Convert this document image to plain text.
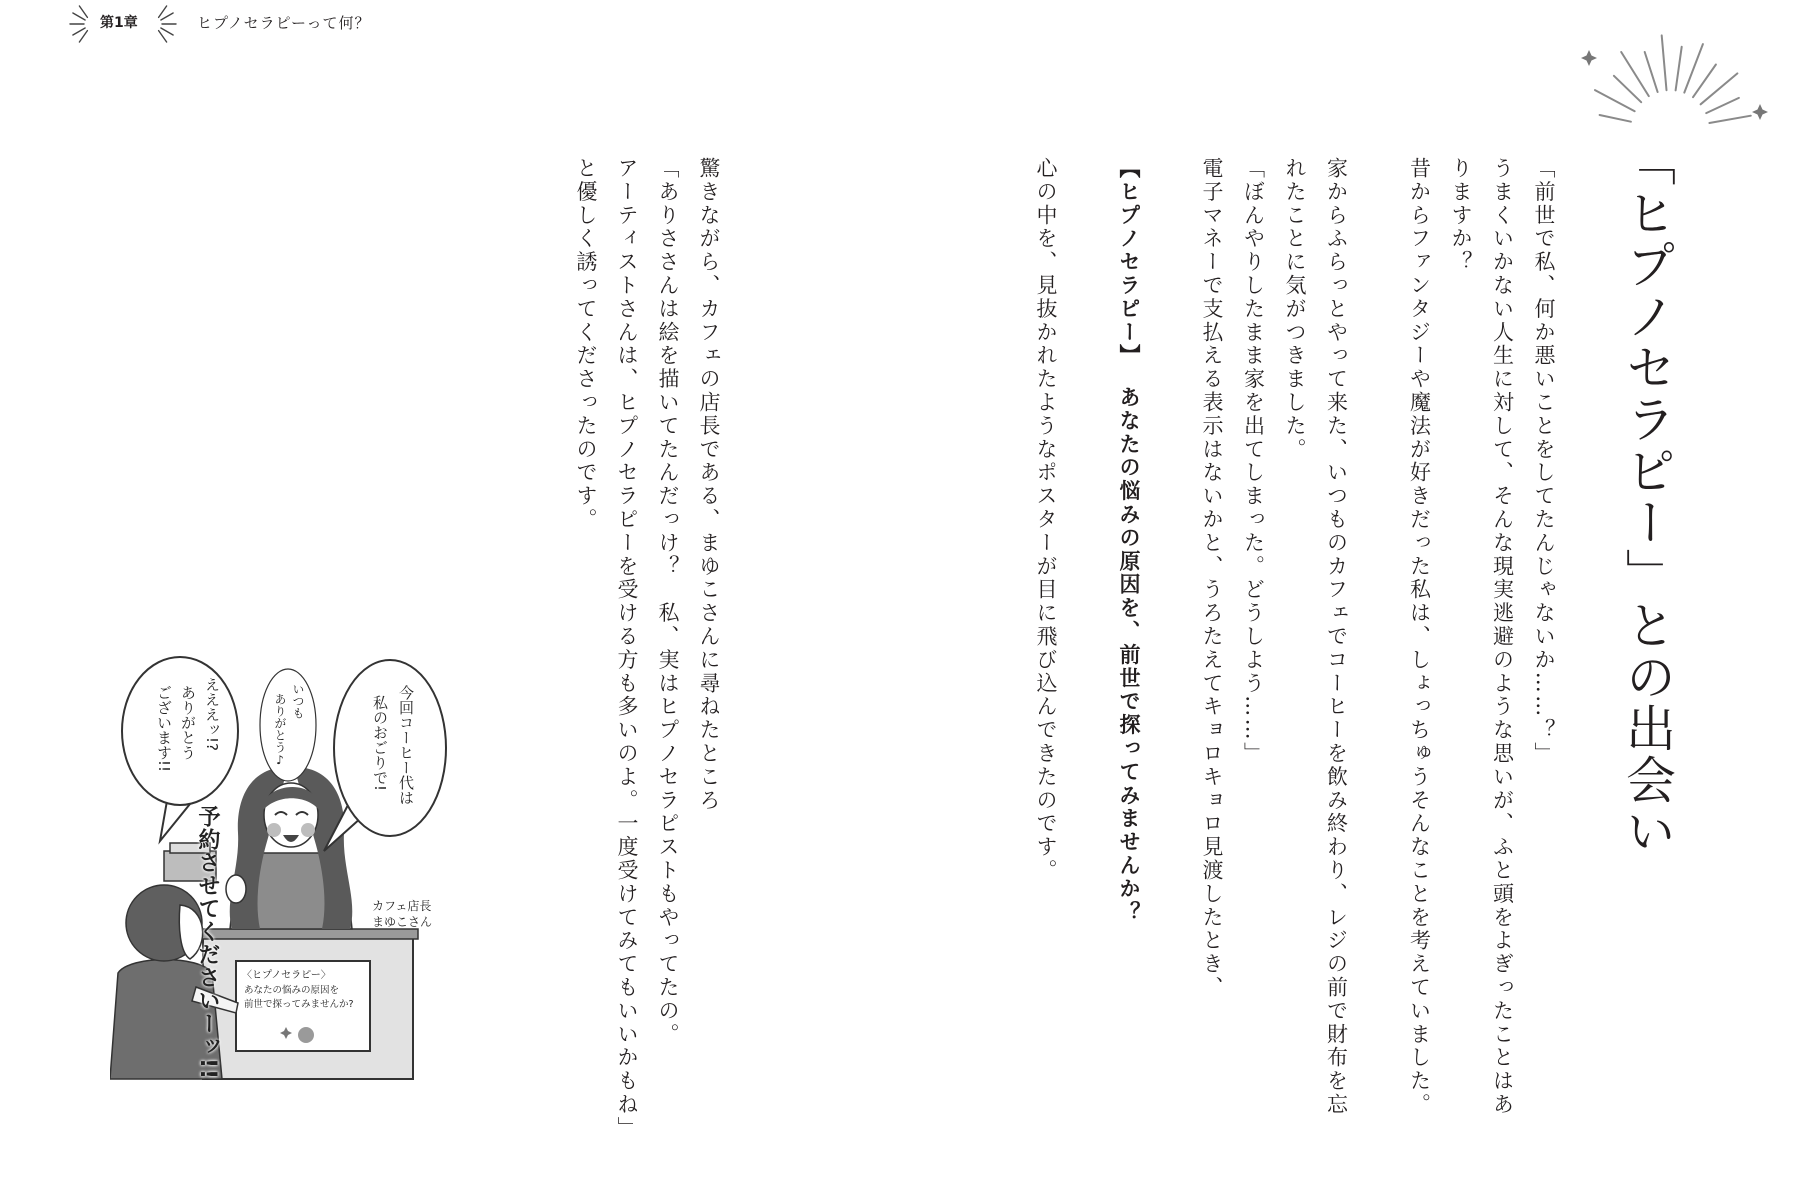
第1章	ヒプノセラピーって何？
「ヒプノセラピー」との出会い
「前世で私、何か悪いことをしてたんじゃないか……？」
うまくいかない人生に対して、そんな現実逃避のような思いが、ふと頭をよぎったことはあ
りますか？
昔からファンタジーや魔法が好きだった私は、しょっちゅうそんなことを考えていました。
家からふらっとやって来た、いつものカフェでコーヒーを飲み終わり、レジの前で財布を忘
れたことに気がつきました。
「ぼんやりしたまま家を出てしまった。どうしよう……」
電子マネーで支払える表示はないかと、うろたえてキョロキョロ見渡したとき、
【ヒプノセラピー】あなたの悩みの原因を、前世で探ってみませんか？
心の中を、見抜かれたようなポスターが目に飛び込んできたのです。
驚きながら、カフェの店長である、まゆこさんに尋ねたところ
「ありささんは絵を描いてたんだっけ？　私、実はヒプノセラピストもやってたの。
アーティストさんは、ヒプノセラピーを受ける方も多いのよ。一度受けてみてもいいかもね」
と優しく誘ってくださったのです。
今回コーヒー代は
私のおごりで!
いつも
ありがとう♪
えええッ!?
ありがとう
ございます!!
予約させてくださいーッ!!	カフェ店長
まゆこさん
〈ヒプノセラピー〉
あなたの悩みの原因を
前世で探ってみませんか?
